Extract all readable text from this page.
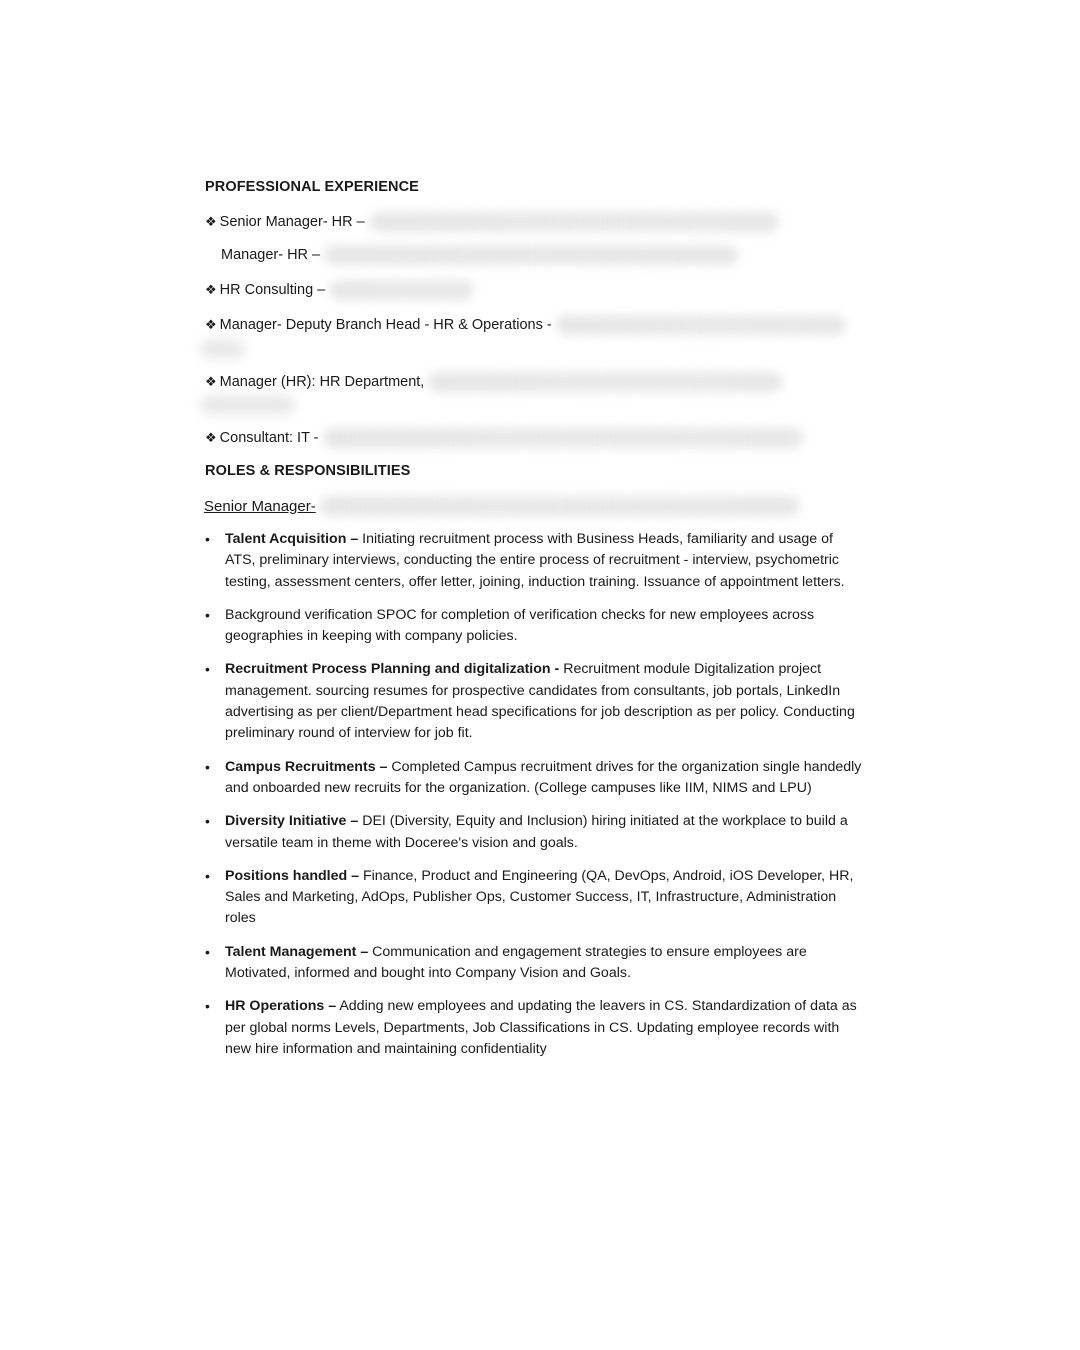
PROFESSIONAL EXPERIENCE
❖ Senior Manager- HR –
Manager- HR –
❖ HR Consulting –
❖ Manager- Deputy Branch Head - HR & Operations -
❖ Manager (HR): HR Department,
❖ Consultant: IT -
ROLES & RESPONSIBILITIES
Senior Manager-
• Talent Acquisition – Initiating recruitment process with Business Heads, familiarity and usage of ATS, preliminary interviews, conducting the entire process of recruitment - interview, psychometric testing, assessment centers, offer letter, joining, induction training. Issuance of appointment letters.
• Background verification SPOC for completion of verification checks for new employees across geographies in keeping with company policies.
• Recruitment Process Planning and digitalization - Recruitment module Digitalization project management. sourcing resumes for prospective candidates from consultants, job portals, LinkedIn advertising as per client/Department head specifications for job description as per policy. Conducting preliminary round of interview for job fit.
• Campus Recruitments – Completed Campus recruitment drives for the organization single handedly and onboarded new recruits for the organization. (College campuses like IIM, NIMS and LPU)
• Diversity Initiative – DEI (Diversity, Equity and Inclusion) hiring initiated at the workplace to build a versatile team in theme with Doceree's vision and goals.
• Positions handled – Finance, Product and Engineering (QA, DevOps, Android, iOS Developer, HR, Sales and Marketing, AdOps, Publisher Ops, Customer Success, IT, Infrastructure, Administration roles
• Talent Management – Communication and engagement strategies to ensure employees are Motivated, informed and bought into Company Vision and Goals.
• HR Operations – Adding new employees and updating the leavers in CS. Standardization of data as per global norms Levels, Departments, Job Classifications in CS. Updating employee records with new hire information and maintaining confidentiality
